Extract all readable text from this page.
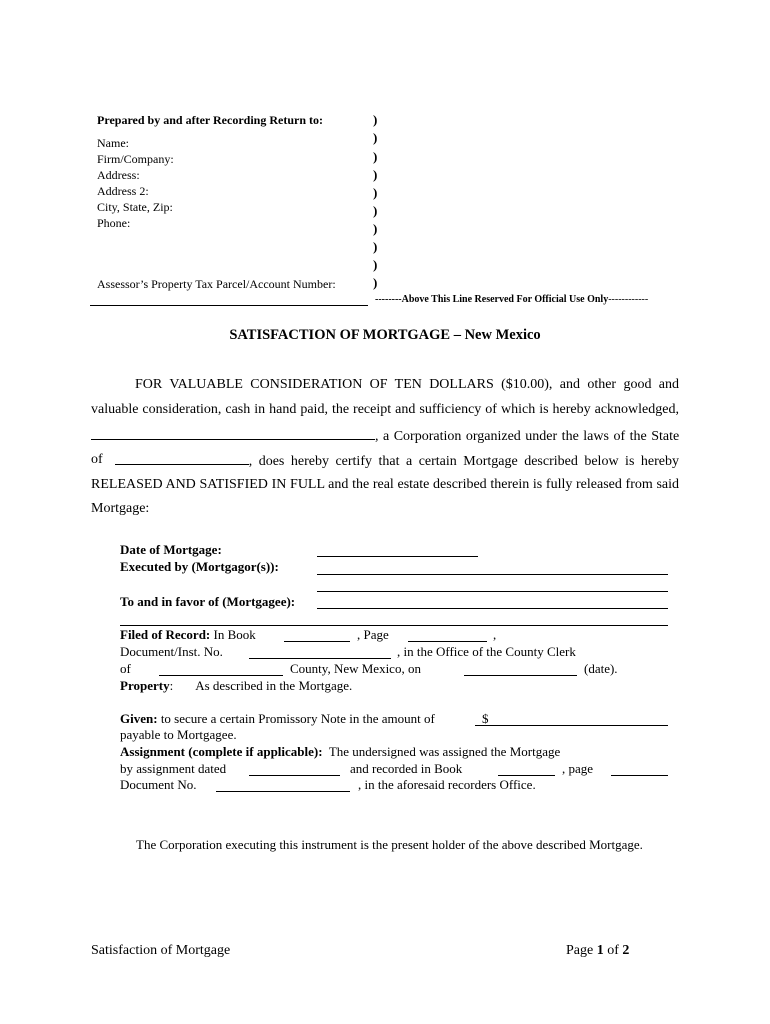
Prepared by and after Recording Return to:
Name:
Firm/Company:
Address:
Address 2:
City, State, Zip:
Phone:
Assessor’s Property Tax Parcel/Account Number:
)
)
)
)
)
)
)
)
)
)
--------Above This Line Reserved For Official Use Only------------
SATISFACTION OF MORTGAGE – New Mexico
FOR VALUABLE CONSIDERATION OF TEN DOLLARS ($10.00), and other good and
valuable consideration, cash in hand paid, the receipt and sufficiency of which is hereby acknowledged,
, a Corporation organized under the laws of the State
of	, does hereby certify that a certain Mortgage described below is hereby
RELEASED AND SATISFIED IN FULL and the real estate described therein is fully released from said
Mortgage:
Date of Mortgage:
Executed by (Mortgagor(s)):
To and in favor of (Mortgagee):
Filed of Record: In Book	, Page	,
Document/Inst. No.	, in the Office of the County Clerk
of	County, New Mexico, on	(date).
Property: As described in the Mortgage.
Given: to secure a certain Promissory Note in the amount of	$
payable to Mortgagee.
Assignment (complete if applicable): The undersigned was assigned the Mortgage
by assignment dated	and recorded in Book	, page
Document No.	, in the aforesaid recorders Office.
The Corporation executing this instrument is the present holder of the above described Mortgage.
Satisfaction of Mortgage	Page 1 of 2
